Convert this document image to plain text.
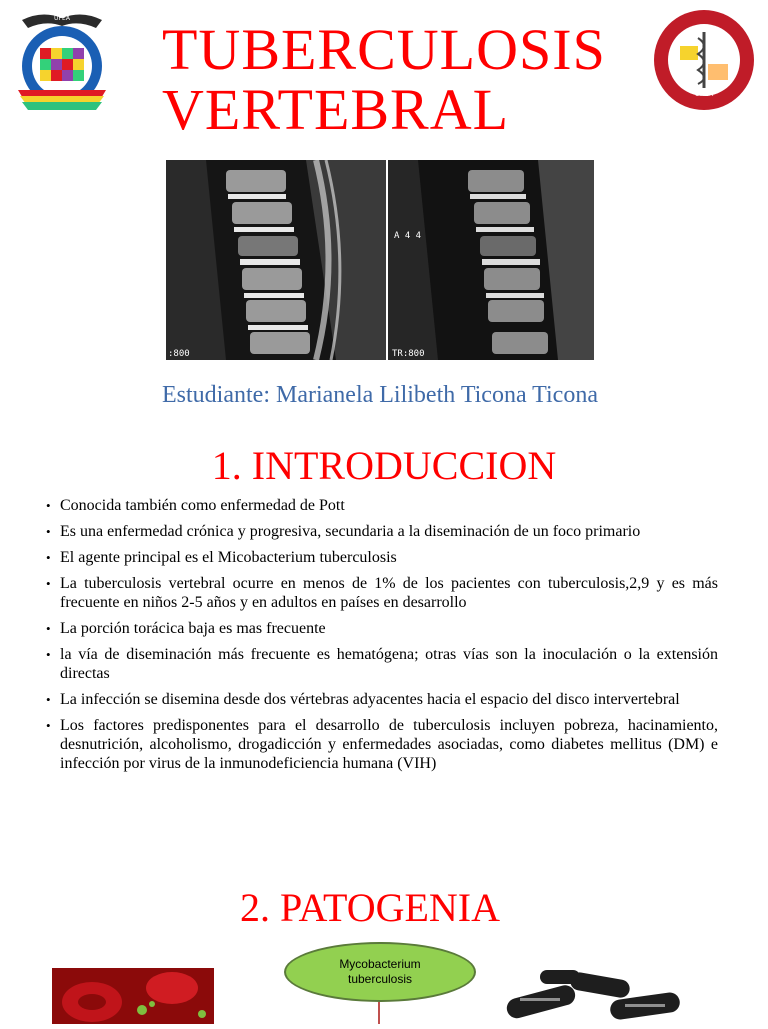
UPEA
UPEA
TUBERCULOSIS VERTEBRAL
:800
A 4 4
TR:800
Estudiante: Marianela Lilibeth Ticona Ticona
1. INTRODUCCION
• Conocida también como enfermedad de Pott
• Es una enfermedad crónica y progresiva, secundaria a la diseminación de un foco primario
• El agente principal es el Micobacterium tuberculosis
• La tuberculosis vertebral ocurre en menos de 1% de los pacientes con tuberculosis,2,9 y es más frecuente en niños 2-5 años y en adultos en países en desarrollo
• La porción torácica baja es mas frecuente
• la vía de diseminación más frecuente es hematógena; otras vías son la inoculación o la extensión directas
• La infección se disemina desde dos vértebras adyacentes hacia el espacio del disco intervertebral
• Los factores predisponentes para el desarrollo de tuberculosis incluyen pobreza, hacinamiento, desnutrición, alcoholismo, drogadicción y enfermedades asociadas, como diabetes mellitus (DM) e infección por virus de la inmunodeficiencia humana (VIH)
2. PATOGENIA
Mycobacterium tuberculosis
